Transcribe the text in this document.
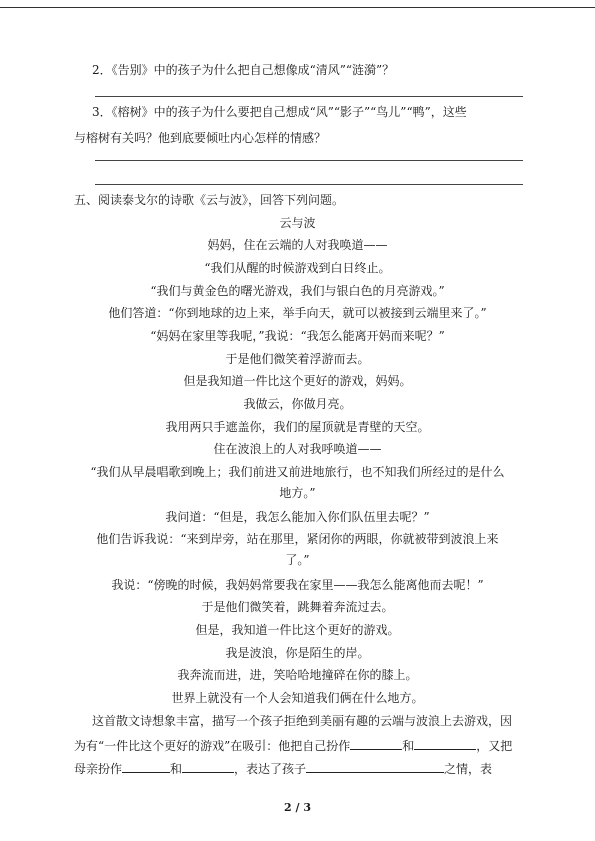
2．《告别》中的孩子为什么把自己想像成“清风”“涟漪”？
3．《榕树》中的孩子为什么要把自己想成“风”“影子”“鸟儿”“鸭”，这些
与榕树有关吗？他到底要倾吐内心怎样的情感？
五、阅读泰戈尔的诗歌《云与波》，回答下列问题。
云与波
妈妈，住在云端的人对我唤道——
“我们从醒的时候游戏到白日终止。
“我们与黄金色的曙光游戏，我们与银白色的月亮游戏。”
他们答道：“你到地球的边上来，举手向天，就可以被接到云端里来了。”
“妈妈在家里等我呢，”我说：“我怎么能离开妈而来呢？”
于是他们微笑着浮游而去。
但是我知道一件比这个更好的游戏，妈妈。
我做云，你做月亮。
我用两只手遮盖你，我们的屋顶就是青壁的天空。
住在波浪上的人对我呼唤道——
“我们从早晨唱歌到晚上；我们前进又前进地旅行，也不知我们所经过的是什么
地方。”
我问道：“但是，我怎么能加入你们队伍里去呢？”
他们告诉我说：“来到岸旁，站在那里，紧闭你的两眼，你就被带到波浪上来
了。”
我说：“傍晚的时候，我妈妈常要我在家里——我怎么能离他而去呢！”
于是他们微笑着，跳舞着奔流过去。
但是，我知道一件比这个更好的游戏。
我是波浪，你是陌生的岸。
我奔流而进，进，笑哈哈地撞碎在你的膝上。
世界上就没有一个人会知道我们俩在什么地方。
这首散文诗想象丰富，描写一个孩子拒绝到美丽有趣的云端与波浪上去游戏，因
为有“一件比这个更好的游戏”在吸引：他把自己扮作	和	，又把
母亲扮作	和	，表达了孩子	之情，表
2 / 3
